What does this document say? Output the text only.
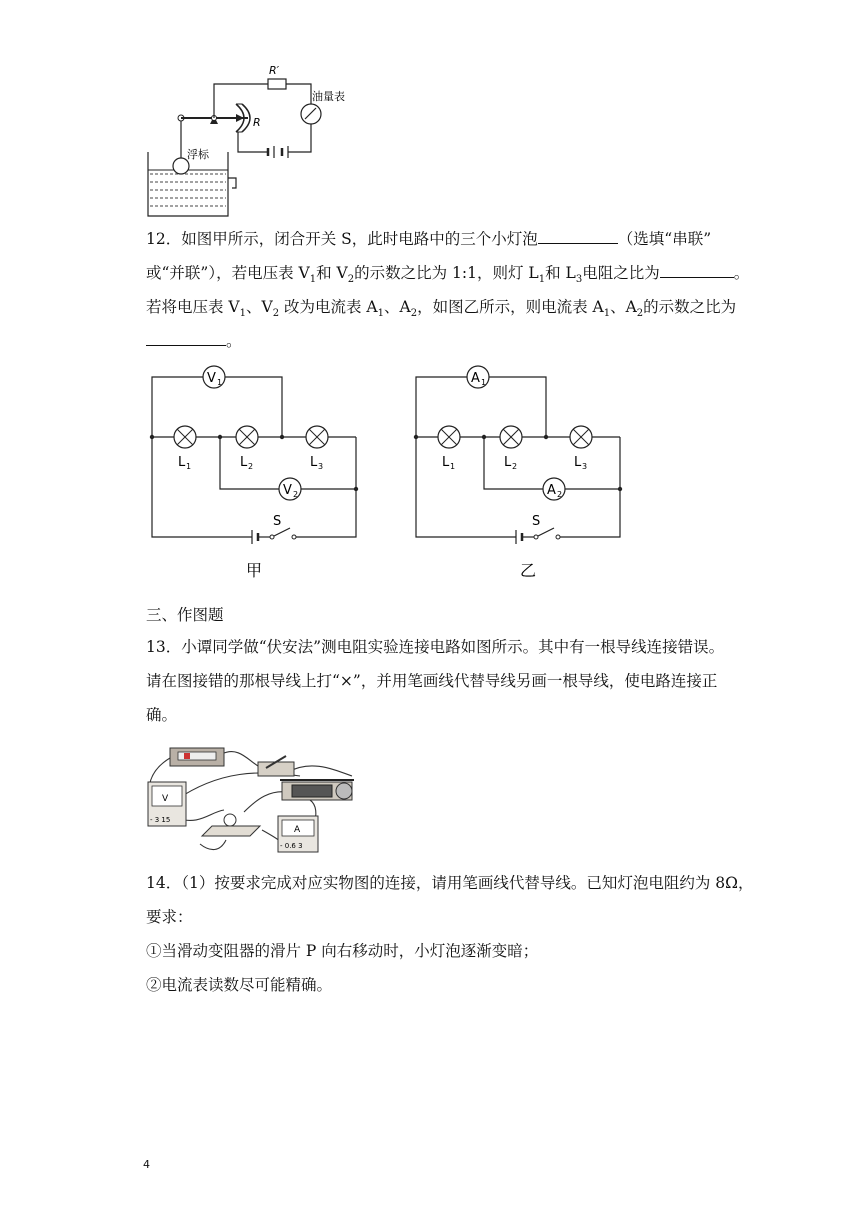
R
R′
油量表
浮标
12．如图甲所示，闭合开关 S，此时电路中的三个小灯泡	（选填“串联”
或“并联”），若电压表 $V_1$和 $V_2$的示数之比为 1:1，则灯 $L_1$和 $L_3$电阻之比为	。
若将电压表 $V_1$、$V_2$ 改为电流表 $A_1$、$A_2$，如图乙所示，则电流表 $A_1$、$A_2$的示数之比为
。
V 1
V 2
L 1	L 2	L 3
S
甲
A 1
A 2
L 1	L 2	L 3
S
乙
三、作图题
13．小谭同学做“伏安法”测电阻实验连接电路如图所示。其中有一根导线连接错误。
请在图接错的那根导线上打“×”，并用笔画线代替导线另画一根导线，使电路连接正
确。
V
- 3 15
A
- 0.6 3
14．（1）按要求完成对应实物图的连接，请用笔画线代替导线。已知灯泡电阻约为 8Ω，
要求：
①当滑动变阻器的滑片 P 向右移动时，小灯泡逐渐变暗；
②电流表读数尽可能精确。
4
